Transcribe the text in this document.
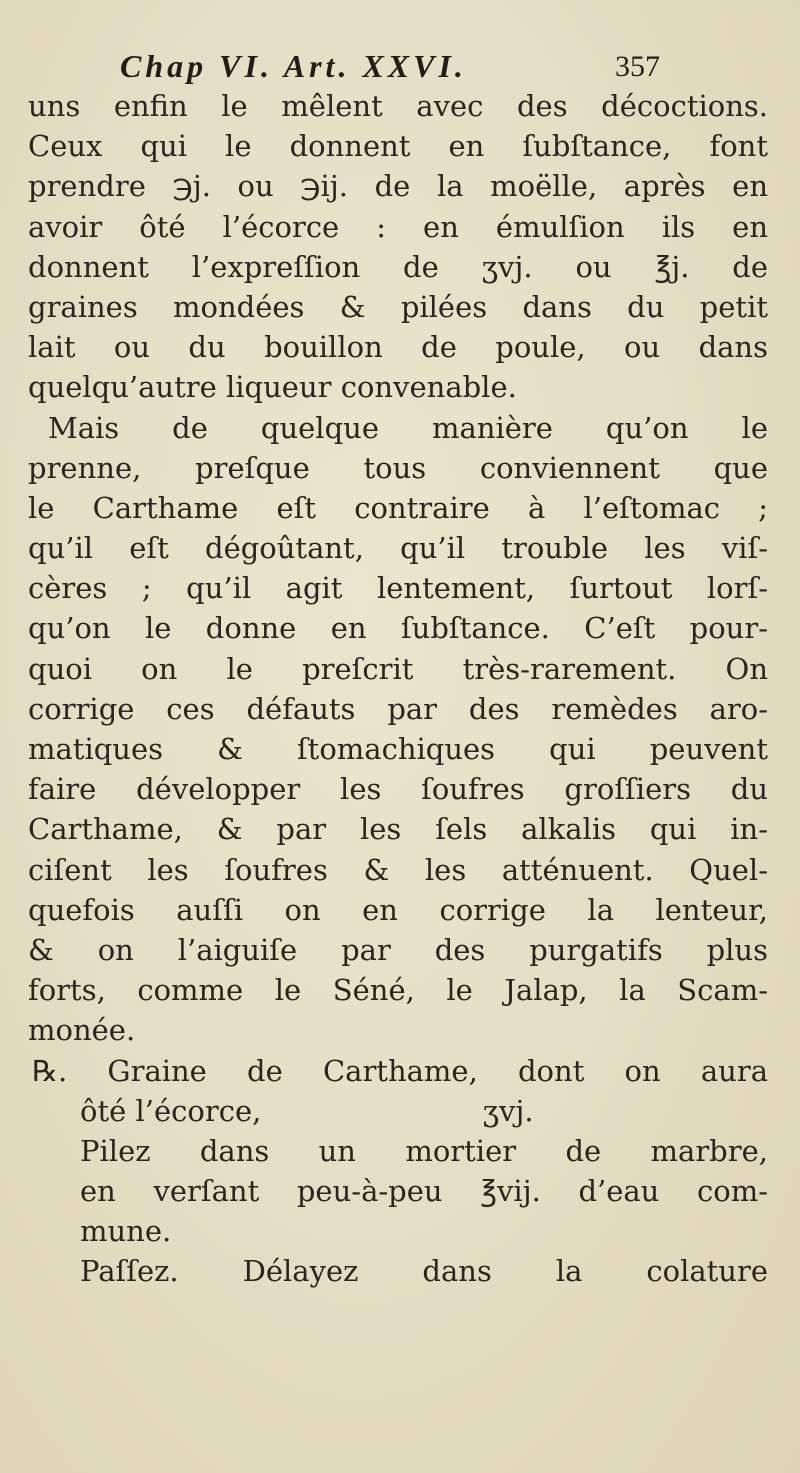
Chap VI. Art. XXVI.	357
uns enfin le mêlent avec des décoctions.
Ceux qui le donnent en ſubſtance, font
prendre ℈j. ou ℈ij. de la moëlle, après en
avoir ôté l’écorce : en émulſion ils en
donnent l’expreſſion de ʒvj. ou ℥j. de
graines mondées & pilées dans du petit
lait ou du bouillon de poule, ou dans
quelqu’autre liqueur convenable.
Mais de quelque manière qu’on le
prenne, preſque tous conviennent que
le Carthame eſt contraire à l’eſtomac ;
qu’il eſt dégoûtant, qu’il trouble les viſ-
cères ; qu’il agit lentement, ſurtout lorſ-
qu’on le donne en ſubſtance. C’eſt pour-
quoi on le preſcrit très-rarement. On
corrige ces défauts par des remèdes aro-
matiques & ſtomachiques qui peuvent
faire développer les ſoufres groſſiers du
Carthame, & par les ſels alkalis qui in-
ciſent les ſoufres & les atténuent. Quel-
quefois auſſi on en corrige la lenteur,
& on l’aiguiſe par des purgatifs plus
forts, comme le Séné, le Jalap, la Scam-
monée.
℞. Graine de Carthame, dont on aura
ôté l’écorce,                        ʒvj.
Pilez dans un mortier de marbre,
en verſant peu-à-peu ℥vij. d’eau com-
mune.
Paſſez. Délayez dans la colature
